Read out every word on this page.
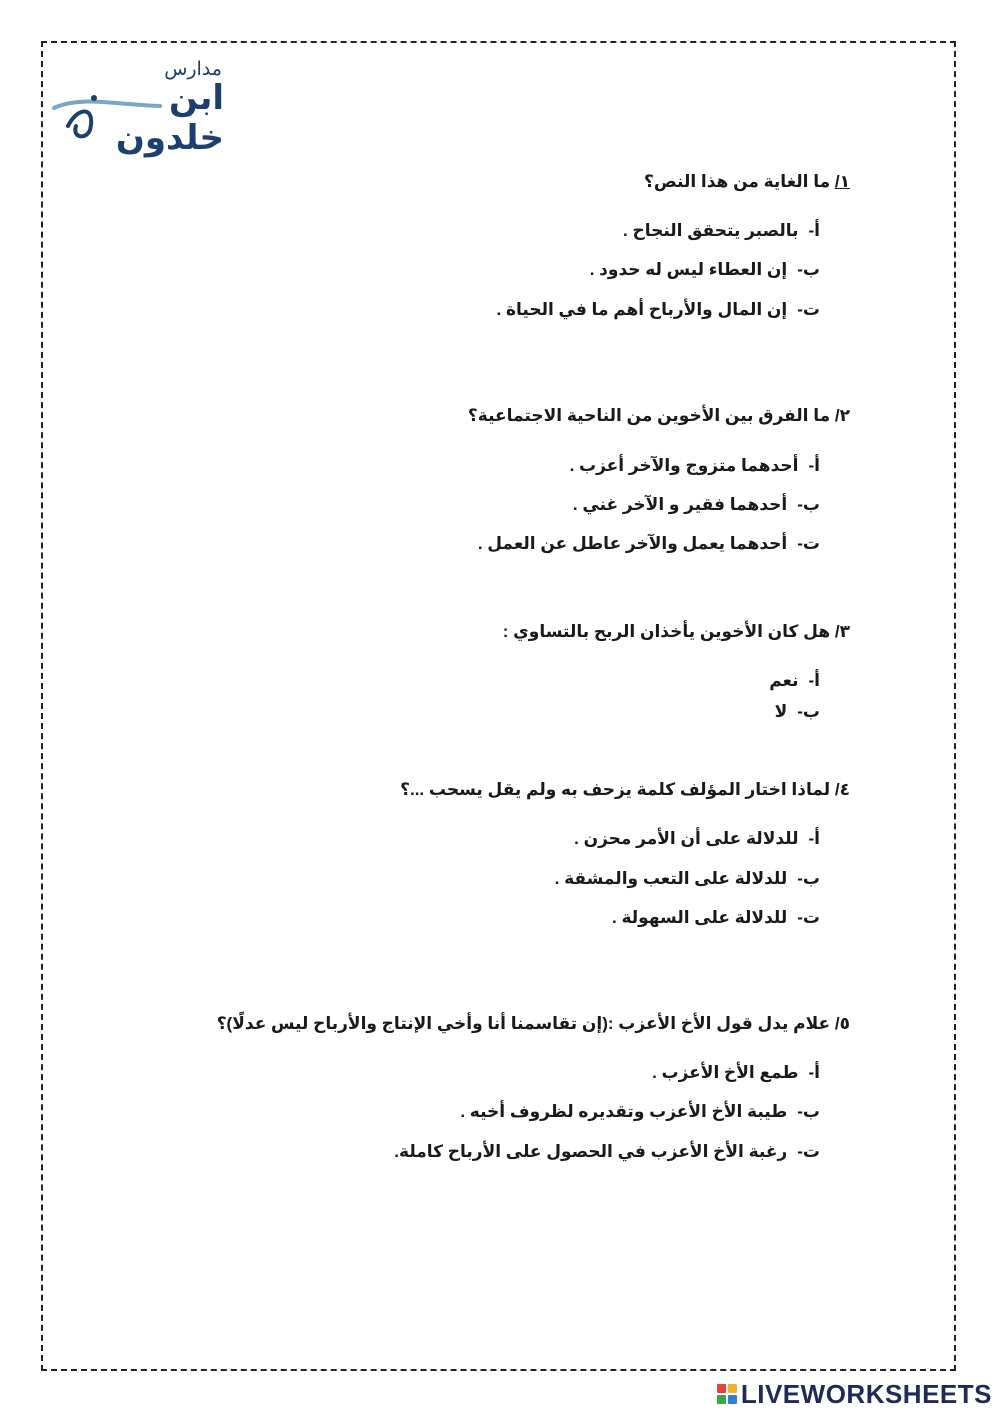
مدارس
ابن خلدون
١/ ما الغاية من هذا النص؟
أ-بالصبر يتحقق النجاح .
ب-إن العطاء ليس له حدود .
ت-إن المال والأرباح أهم ما في الحياة .
٢/ ما الفرق بين الأخوين من الناحية الاجتماعية؟
أ-أحدهما متزوج والآخر أعزب .
ب-أحدهما فقير و الآخر غني .
ت-أحدهما يعمل والآخر عاطل عن العمل .
٣/ هل كان الأخوين يأخذان الربح بالتساوي :
أ-نعم
ب-لا
٤/ لماذا اختار المؤلف كلمة يزحف به ولم يقل يسحب ...؟
أ-للدلالة على أن الأمر محزن .
ب-للدلالة على التعب والمشقة .
ت-للدلالة على السهولة .
٥/ علام يدل قول الأخ الأعزب :(إن تقاسمنا أنا وأخي الإنتاج والأرباح ليس عدلًا)؟
أ-طمع الأخ الأعزب .
ب-طيبة الأخ الأعزب وتقديره لظروف أخيه .
ت-رغبة الأخ الأعزب في الحصول على الأرباح كاملة.
LIVEWORKSHEETS
